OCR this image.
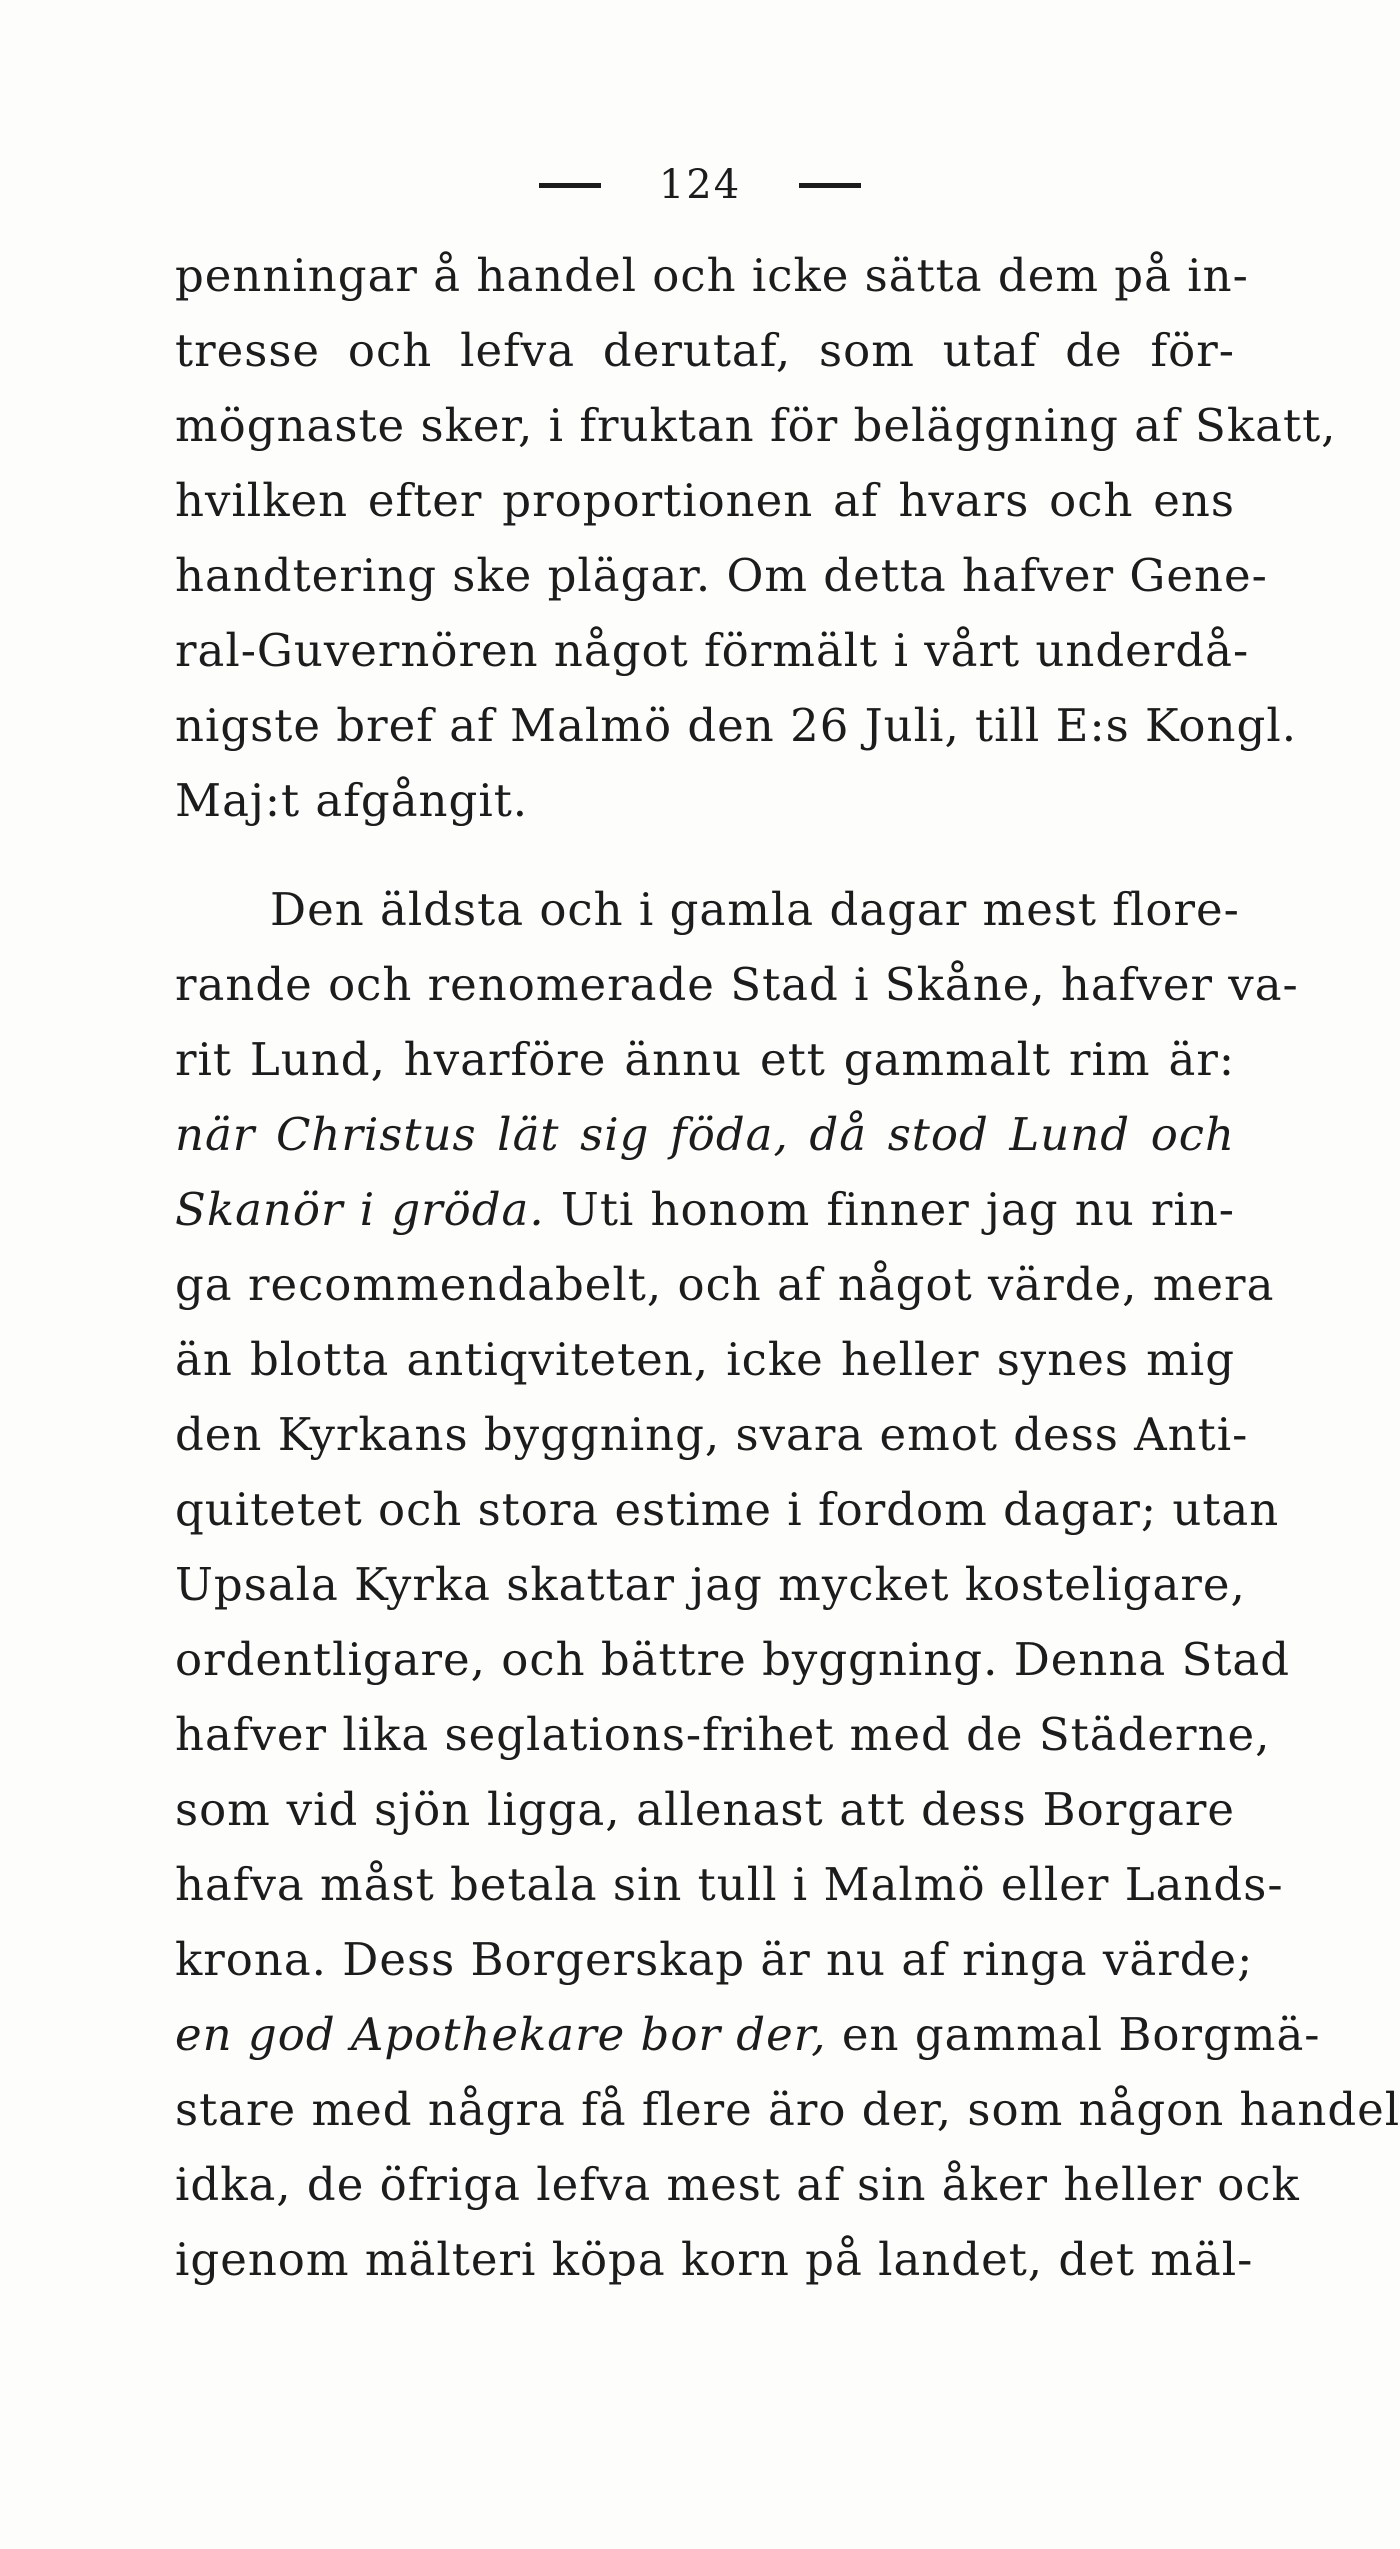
124
penningar å handel och icke sätta dem på in-
tresse och lefva derutaf, som utaf de för-
mögnaste sker, i fruktan för beläggning af Skatt,
hvilken efter proportionen af hvars och ens
handtering ske plägar. Om detta hafver Gene-
ral-Guvernören något förmält i vårt underdå-
nigste bref af Malmö den 26 Juli, till E:s Kongl.
Maj:t afgångit.
Den äldsta och i gamla dagar mest flore-
rande och renomerade Stad i Skåne, hafver va-
rit Lund, hvarföre ännu ett gammalt rim är:
när Christus lät sig föda, då stod Lund och
Skanör i gröda. Uti honom finner jag nu rin-
ga recommendabelt, och af något värde, mera
än blotta antiqviteten, icke heller synes mig
den Kyrkans byggning, svara emot dess Anti-
quitetet och stora estime i fordom dagar; utan
Upsala Kyrka skattar jag mycket kosteligare,
ordentligare, och bättre byggning. Denna Stad
hafver lika seglations-frihet med de Städerne,
som vid sjön ligga, allenast att dess Borgare
hafva måst betala sin tull i Malmö eller Lands-
krona. Dess Borgerskap är nu af ringa värde;
en god Apothekare bor der, en gammal Borgmä-
stare med några få flere äro der, som någon handel
idka, de öfriga lefva mest af sin åker heller ock
igenom mälteri köpa korn på landet, det mäl-
